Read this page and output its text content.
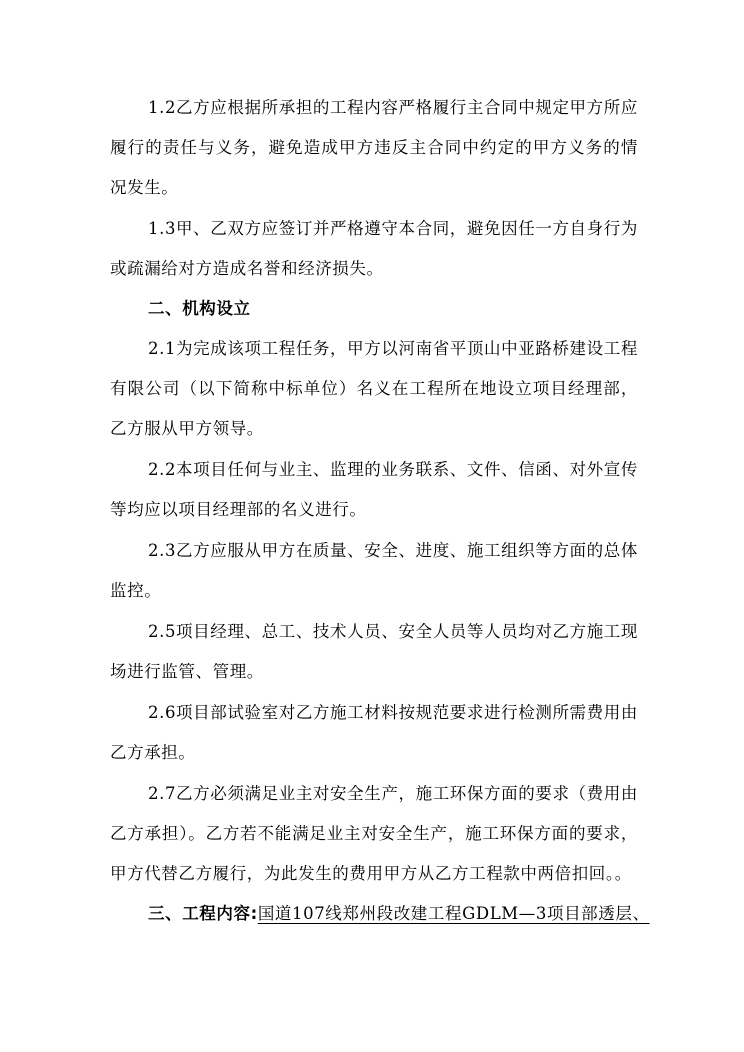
1.2乙方应根据所承担的工程内容严格履行主合同中规定甲方所应履行的责任与义务，避免造成甲方违反主合同中约定的甲方义务的情况发生。

1.3甲、乙双方应签订并严格遵守本合同，避免因任一方自身行为或疏漏给对方造成名誉和经济损失。

二、机构设立

2.1为完成该项工程任务，甲方以河南省平顶山中亚路桥建设工程有限公司（以下简称中标单位）名义在工程所在地设立项目经理部，乙方服从甲方领导。

2.2本项目任何与业主、监理的业务联系、文件、信函、对外宣传等均应以项目经理部的名义进行。

2.3乙方应服从甲方在质量、安全、进度、施工组织等方面的总体监控。

2.5项目经理、总工、技术人员、安全人员等人员均对乙方施工现场进行监管、管理。

2.6项目部试验室对乙方施工材料按规范要求进行检测所需费用由乙方承担。

2.7乙方必须满足业主对安全生产，施工环保方面的要求（费用由乙方承担）。乙方若不能满足业主对安全生产，施工环保方面的要求，甲方代替乙方履行，为此发生的费用甲方从乙方工程款中两倍扣回。。

三、工程内容:国道107线郑州段改建工程GDLM—3项目部透层、
